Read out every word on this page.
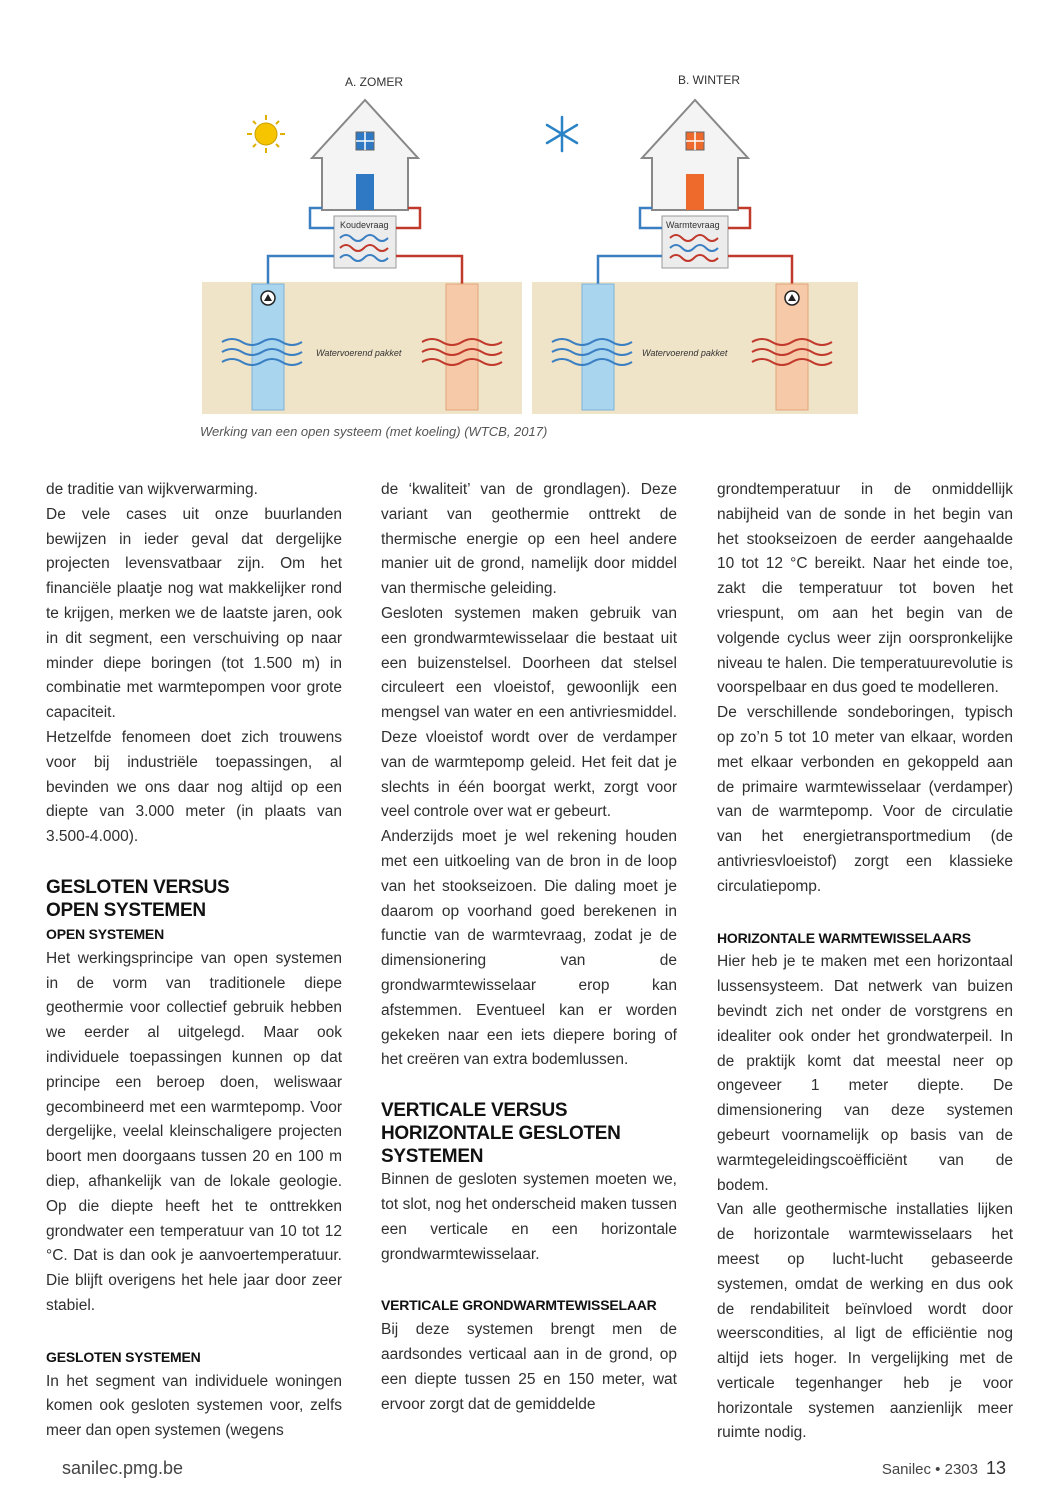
A. ZOMER
Koudevraag
Watervoerend pakket
B. WINTER
Warmtevraag
Watervoerend pakket
Werking van een open systeem (met koeling) (WTCB, 2017)

de traditie van wijkverwarming.

De vele cases uit onze buurlanden bewijzen in ieder geval dat dergelijke projecten levensvatbaar zijn. Om het financiële plaatje nog wat makkelijker rond te krijgen, merken we de laatste jaren, ook in dit segment, een verschuiving op naar minder diepe boringen (tot 1.500 m) in combinatie met warmtepompen voor grote capaciteit.

Hetzelfde fenomeen doet zich trouwens voor bij industriële toepassingen, al bevinden we ons daar nog altijd op een diepte van 3.000 meter (in plaats van 3.500-4.000).

GESLOTEN VERSUS
OPEN SYSTEMEN
OPEN SYSTEMEN

Het werkingsprincipe van open systemen in de vorm van traditionele diepe geothermie voor collectief gebruik hebben we eerder al uitgelegd. Maar ook individuele toepassingen kunnen op dat principe een beroep doen, weliswaar gecombineerd met een warmtepomp. Voor dergelijke, veelal kleinschaligere projecten boort men doorgaans tussen 20 en 100 m diep, afhankelijk van de lokale geologie. Op die diepte heeft het te onttrekken grondwater een temperatuur van 10 tot 12 °C. Dat is dan ook je aanvoertemperatuur. Die blijft overigens het hele jaar door zeer stabiel.

GESLOTEN SYSTEMEN

In het segment van individuele woningen komen ook gesloten systemen voor, zelfs meer dan open systemen (wegens

de ‘kwaliteit’ van de grondlagen). Deze variant van geothermie onttrekt de thermische energie op een heel andere manier uit de grond, namelijk door middel van thermische geleiding.

Gesloten systemen maken gebruik van een grondwarmtewisselaar die bestaat uit een buizenstelsel. Doorheen dat stelsel circuleert een vloeistof, gewoonlijk een mengsel van water en een antivriesmiddel. Deze vloeistof wordt over de verdamper van de warmtepomp geleid. Het feit dat je slechts in één boorgat werkt, zorgt voor veel controle over wat er gebeurt.

Anderzijds moet je wel rekening houden met een uitkoeling van de bron in de loop van het stookseizoen. Die daling moet je daarom op voorhand goed berekenen in functie van de warmtevraag, zodat je de dimensionering van de grondwarmtewisselaar erop kan afstemmen. Eventueel kan er worden gekeken naar een iets diepere boring of het creëren van extra bodemlussen.

VERTICALE VERSUS
HORIZONTALE GESLOTEN
SYSTEMEN

Binnen de gesloten systemen moeten we, tot slot, nog het onderscheid maken tussen een verticale en een horizontale grondwarmtewisselaar.

VERTICALE GRONDWARMTEWISSELAAR

Bij deze systemen brengt men de aardsondes verticaal aan in de grond, op een diepte tussen 25 en 150 meter, wat ervoor zorgt dat de gemiddelde

grondtemperatuur in de onmiddellijk nabijheid van de sonde in het begin van het stookseizoen de eerder aangehaalde 10 tot 12 °C bereikt. Naar het einde toe, zakt die temperatuur tot boven het vriespunt, om aan het begin van de volgende cyclus weer zijn oorspronkelijke niveau te halen. Die temperatuurevolutie is voorspelbaar en dus goed te modelleren.

De verschillende sondeboringen, typisch op zo’n 5 tot 10 meter van elkaar, worden met elkaar verbonden en gekoppeld aan de primaire warmtewisselaar (verdamper) van de warmtepomp. Voor de circulatie van het energietransportmedium (de antivriesvloeistof) zorgt een klassieke circulatiepomp.

HORIZONTALE WARMTEWISSELAARS

Hier heb je te maken met een horizontaal lussensysteem. Dat netwerk van buizen bevindt zich net onder de vorstgrens en idealiter ook onder het grondwaterpeil. In de praktijk komt dat meestal neer op ongeveer 1 meter diepte. De dimensionering van deze systemen gebeurt voornamelijk op basis van de warmtegeleidingscoëfficiënt van de bodem.

Van alle geothermische installaties lijken de horizontale warmtewisselaars het meest op lucht-lucht gebaseerde systemen, omdat de werking en dus ook de rendabiliteit beïnvloed wordt door weerscondities, al ligt de efficiëntie nog altijd iets hoger. In vergelijking met de verticale tegenhanger heb je voor horizontale systemen aanzienlijk meer ruimte nodig.

sanilec.pmg.be	Sanilec • 2303 13
